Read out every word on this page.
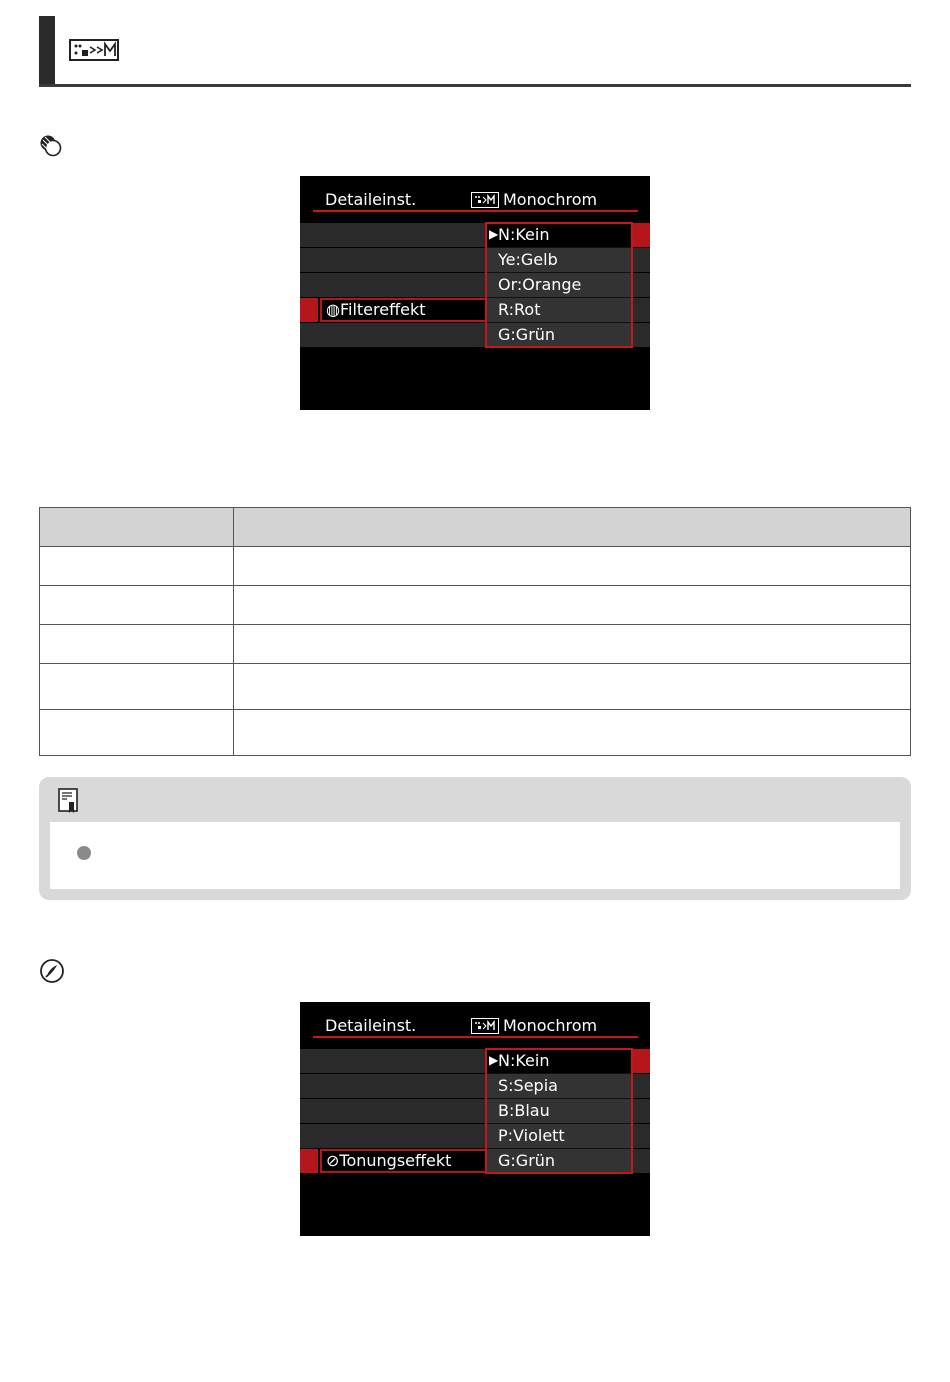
Detaileinst.	Monochrom
◍Filtereffekt
N:Kein
Ye:Gelb
Or:Orange
R:Rot
G:Grün
▶

Detaileinst.	Monochrom
⊘Tonungseffekt
N:Kein
S:Sepia
B:Blau
P:Violett
G:Grün
▶
